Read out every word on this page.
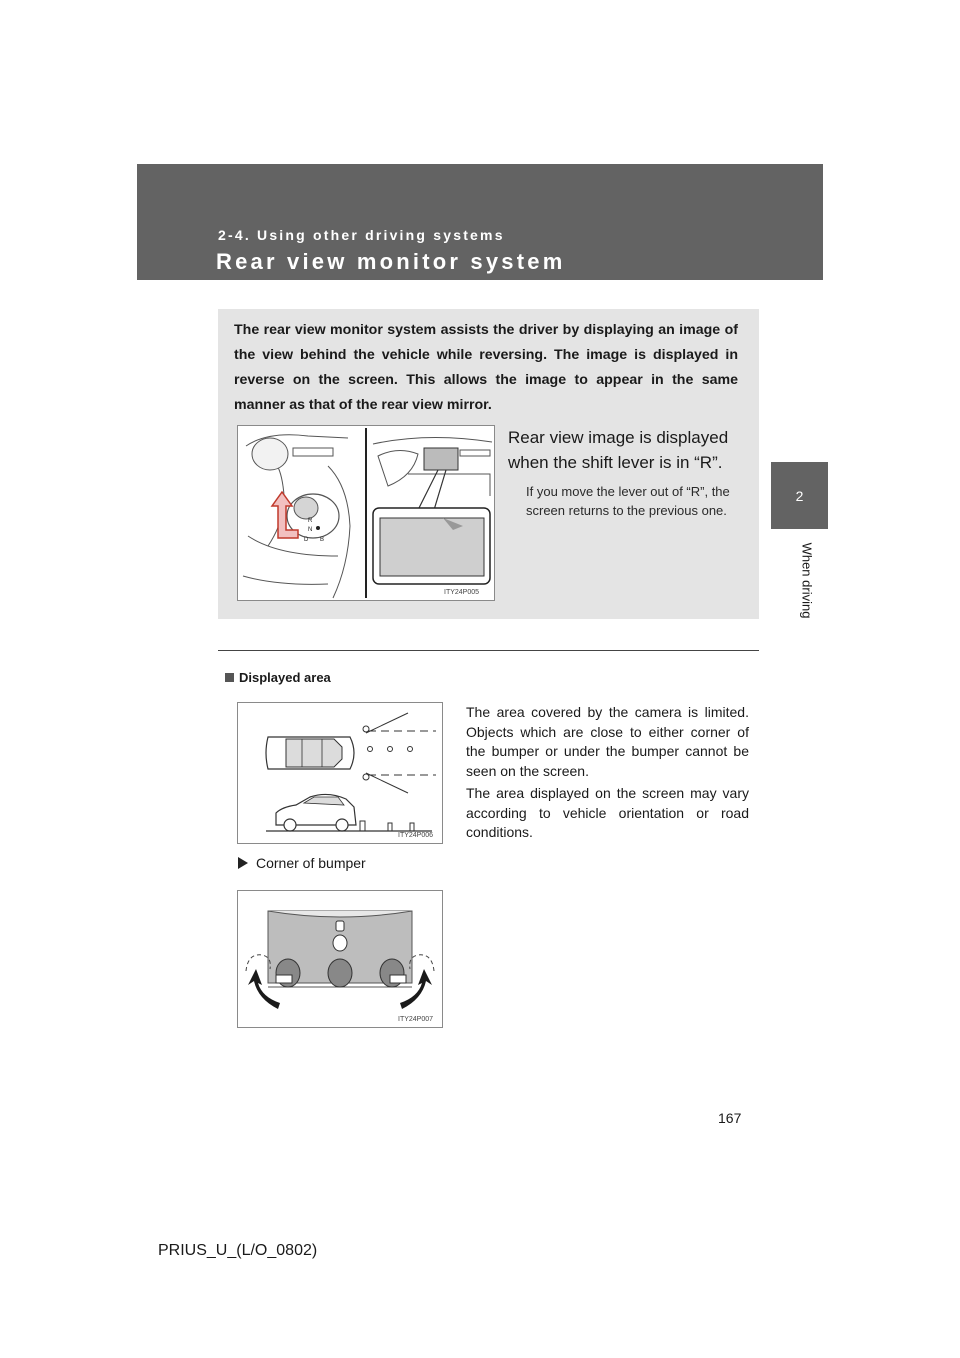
2-4. Using other driving systems
Rear view monitor system
2
When driving
The rear view monitor system assists the driver by displaying an image of the view behind the vehicle while reversing. The image is displayed in reverse on the screen. This allows the image to appear in the same manner as that of the rear view mirror.
R
N
D B
ITY24P005
Rear view image is displayed when the shift lever is in “R”.
If you move the lever out of “R”, the screen returns to the previous one.
Displayed area
ITY24P006
The area covered by the camera is limited. Objects which are close to either corner of the bumper or under the bumper cannot be seen on the screen.
The area displayed on the screen may vary according to vehicle orientation or road conditions.
Corner of bumper
ITY24P007
167
PRIUS_U_(L/O_0802)
